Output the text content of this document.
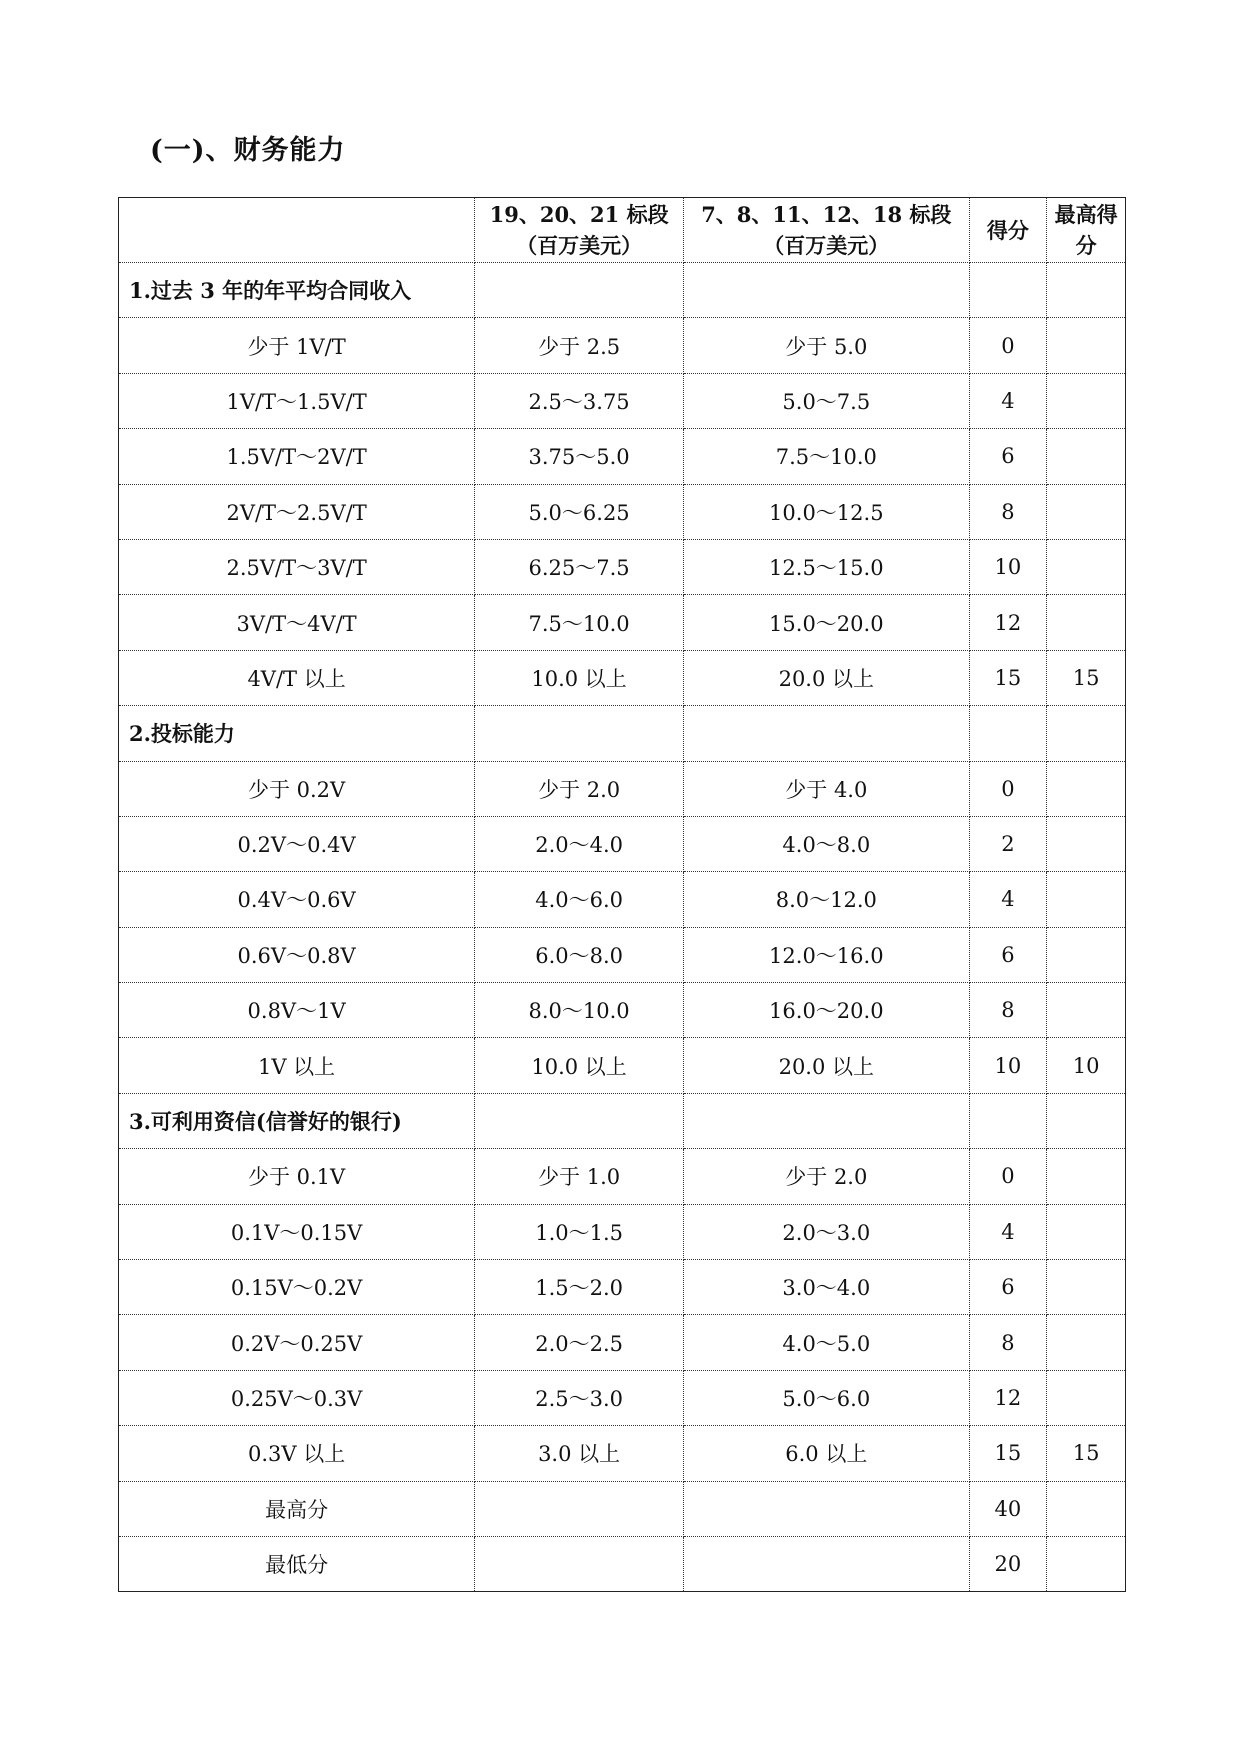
(一)、财务能力
	19、20、21 标段（百万美元）	7、8、11、12、18 标段（百万美元）	得分	最高得分
1.过去 3 年的年平均合同收入				
少于 1V/T	少于 2.5	少于 5.0	0	
1V/T～1.5V/T	2.5～3.75	5.0～7.5	4	
1.5V/T～2V/T	3.75～5.0	7.5～10.0	6	
2V/T～2.5V/T	5.0～6.25	10.0～12.5	8	
2.5V/T～3V/T	6.25～7.5	12.5～15.0	10	
3V/T～4V/T	7.5～10.0	15.0～20.0	12	
4V/T 以上	10.0 以上	20.0 以上	15	15
2.投标能力				
少于 0.2V	少于 2.0	少于 4.0	0	
0.2V～0.4V	2.0～4.0	4.0～8.0	2	
0.4V～0.6V	4.0～6.0	8.0～12.0	4	
0.6V～0.8V	6.0～8.0	12.0～16.0	6	
0.8V～1V	8.0～10.0	16.0～20.0	8	
1V 以上	10.0 以上	20.0 以上	10	10
3.可利用资信(信誉好的银行)				
少于 0.1V	少于 1.0	少于 2.0	0	
0.1V～0.15V	1.0～1.5	2.0～3.0	4	
0.15V～0.2V	1.5～2.0	3.0～4.0	6	
0.2V～0.25V	2.0～2.5	4.0～5.0	8	
0.25V～0.3V	2.5～3.0	5.0～6.0	12	
0.3V 以上	3.0 以上	6.0 以上	15	15
最高分			40	
最低分			20	
